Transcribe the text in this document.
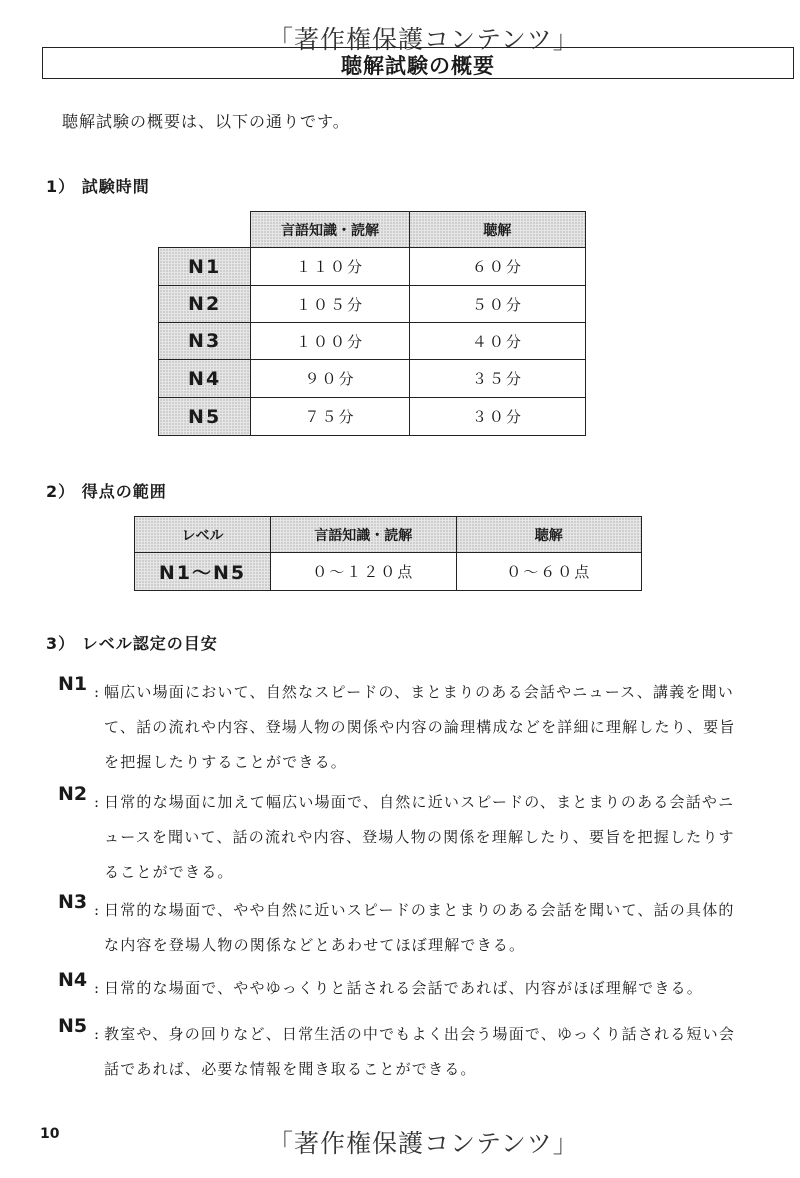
「著作権保護コンテンツ」
聴解試験の概要
聴解試験の概要は、以下の通りです。
1） 試験時間
	言語知識・読解	聴解
N1	１１０分	６０分
N2	１０５分	５０分
N3	１００分	４０分
N4	９０分	３５分
N5	７５分	３０分
2） 得点の範囲
レベル	言語知識・読解	聴解
N1～N5	０～１２０点	０～６０点
3） レベル認定の目安
N1 : 幅広い場面において、自然なスピードの、まとまりのある会話やニュース、講義を聞いて、話の流れや内容、登場人物の関係や内容の論理構成などを詳細に理解したり、要旨を把握したりすることができる。
N2 : 日常的な場面に加えて幅広い場面で、自然に近いスピードの、まとまりのある会話やニュースを聞いて、話の流れや内容、登場人物の関係を理解したり、要旨を把握したりすることができる。
N3 : 日常的な場面で、やや自然に近いスピードのまとまりのある会話を聞いて、話の具体的な内容を登場人物の関係などとあわせてほぼ理解できる。
N4 : 日常的な場面で、ややゆっくりと話される会話であれば、内容がほぼ理解できる。
N5 : 教室や、身の回りなど、日常生活の中でもよく出会う場面で、ゆっくり話される短い会話であれば、必要な情報を聞き取ることができる。
10	「著作権保護コンテンツ」
